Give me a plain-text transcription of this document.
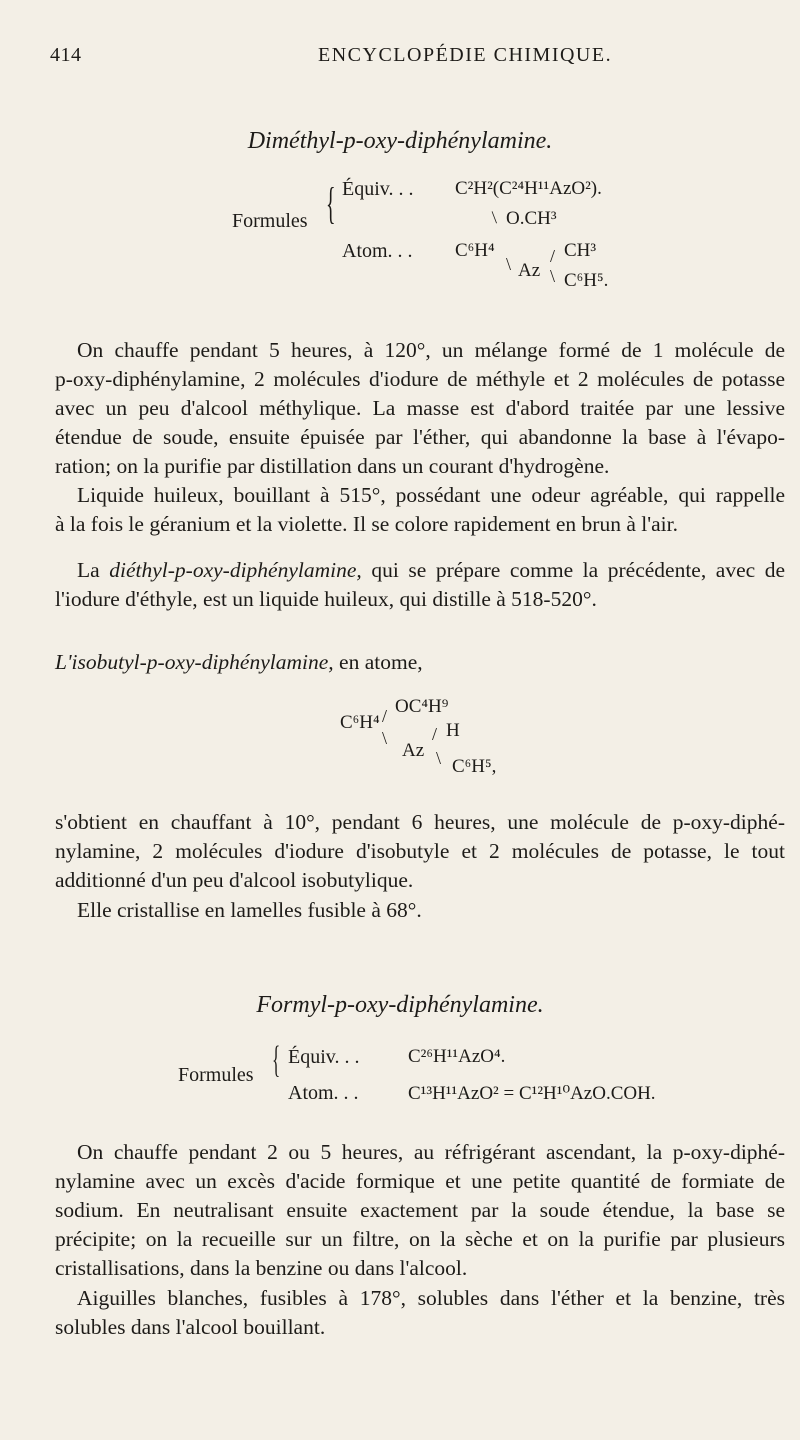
414	ENCYCLOPÉDIE CHIMIQUE.
Diméthyl-p-oxy-diphénylamine.
Formules { Équiv. . . C²H²(C²⁴H¹¹AzO²).
/ O.CH³
Atom. . . C⁶H⁴
\ Az
/ CH³
\ C⁶H⁵.
On chauffe pendant 5 heures, à 120°, un mélange formé de 1 molécule de
p-oxy-diphénylamine, 2 molécules d'iodure de méthyle et 2 molécules de potasse
avec un peu d'alcool méthylique. La masse est d'abord traitée par une lessive
étendue de soude, ensuite épuisée par l'éther, qui abandonne la base à l'évapo-
ration; on la purifie par distillation dans un courant d'hydrogène.
Liquide huileux, bouillant à 515°, possédant une odeur agréable, qui rappelle
à la fois le géranium et la violette. Il se colore rapidement en brun à l'air.
La diéthyl-p-oxy-diphénylamine, qui se prépare comme la précédente, avec de
l'iodure d'éthyle, est un liquide huileux, qui distille à 518-520°.
L'isobutyl-p-oxy-diphénylamine, en atome,
C⁶H⁴ / OC⁴H⁹
\
Az
/ H
\ C⁶H⁵,
s'obtient en chauffant à 10°, pendant 6 heures, une molécule de p-oxy-diphé-
nylamine, 2 molécules d'iodure d'isobutyle et 2 molécules de potasse, le tout
additionné d'un peu d'alcool isobutylique.
Elle cristallise en lamelles fusible à 68°.
Formyl-p-oxy-diphénylamine.
Formules { Équiv. . .	C²⁶H¹¹AzO⁴.
Atom. . .	C¹³H¹¹AzO² = C¹²H¹⁰AzO.COH.
On chauffe pendant 2 ou 5 heures, au réfrigérant ascendant, la p-oxy-diphé-
nylamine avec un excès d'acide formique et une petite quantité de formiate de
sodium. En neutralisant ensuite exactement par la soude étendue, la base se
précipite; on la recueille sur un filtre, on la sèche et on la purifie par plusieurs
cristallisations, dans la benzine ou dans l'alcool.
Aiguilles blanches, fusibles à 178°, solubles dans l'éther et la benzine, très
solubles dans l'alcool bouillant.
